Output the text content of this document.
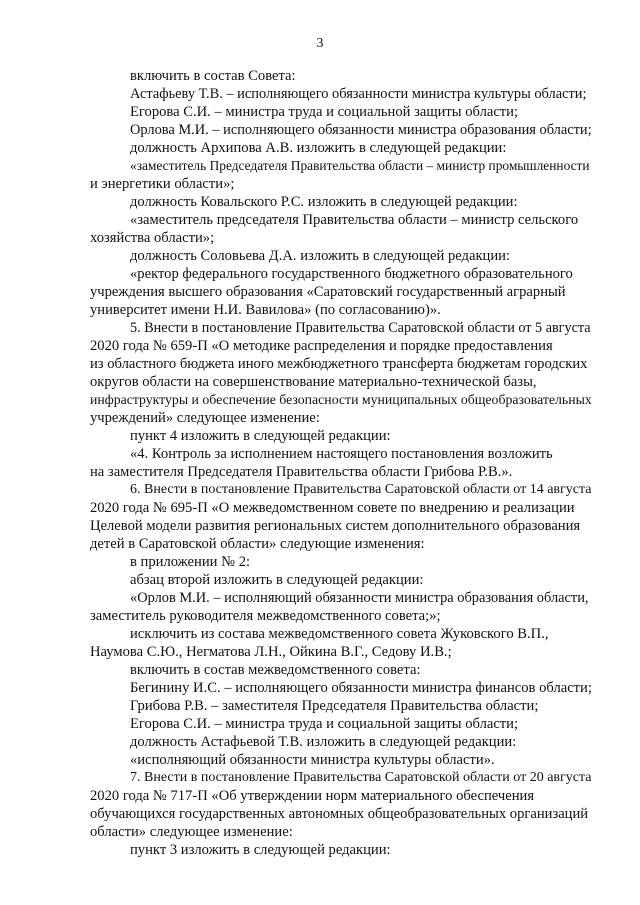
3

включить в состав Совета:

Астафьеву Т.В. – исполняющего обязанности министра культуры области;

Егорова С.И. – министра труда и социальной защиты области;

Орлова М.И. – исполняющего обязанности министра образования области;

должность Архипова А.В. изложить в следующей редакции:

«заместитель Председателя Правительства области – министр промышленности

и энергетики области»;

должность Ковальского Р.С. изложить в следующей редакции:

«заместитель председателя Правительства области – министр сельского

хозяйства области»;

должность Соловьева Д.А. изложить в следующей редакции:

«ректор федерального государственного бюджетного образовательного

учреждения высшего образования «Саратовский государственный аграрный

университет имени Н.И. Вавилова» (по согласованию)».

5. Внести в постановление Правительства Саратовской области от 5 августа

2020 года № 659-П «О методике распределения и порядке предоставления

из областного бюджета иного межбюджетного трансферта бюджетам городских

округов области на совершенствование материально-технической базы,

инфраструктуры и обеспечение безопасности муниципальных общеобразовательных

учреждений» следующее изменение:

пункт 4 изложить в следующей редакции:

«4. Контроль за исполнением настоящего постановления возложить

на заместителя Председателя Правительства области Грибова Р.В.».

6. Внести в постановление Правительства Саратовской области от 14 августа

2020 года № 695-П «О межведомственном совете по внедрению и реализации

Целевой модели развития региональных систем дополнительного образования

детей в Саратовской области» следующие изменения:

в приложении № 2:

абзац второй изложить в следующей редакции:

«Орлов М.И. – исполняющий обязанности министра образования области,

заместитель руководителя межведомственного совета;»;

исключить из состава межведомственного совета Жуковского В.П.,

Наумова С.Ю., Негматова Л.Н., Ойкина В.Г., Седову И.В.;

включить в состав межведомственного совета:

Бегинину И.С. – исполняющего обязанности министра финансов области;

Грибова Р.В. – заместителя Председателя Правительства области;

Егорова С.И. – министра труда и социальной защиты области;

должность Астафьевой Т.В. изложить в следующей редакции:

«исполняющий обязанности министра культуры области».

7. Внести в постановление Правительства Саратовской области от 20 августа

2020 года № 717-П «Об утверждении норм материального обеспечения

обучающихся государственных автономных общеобразовательных организаций

области» следующее изменение:

пункт 3 изложить в следующей редакции:
